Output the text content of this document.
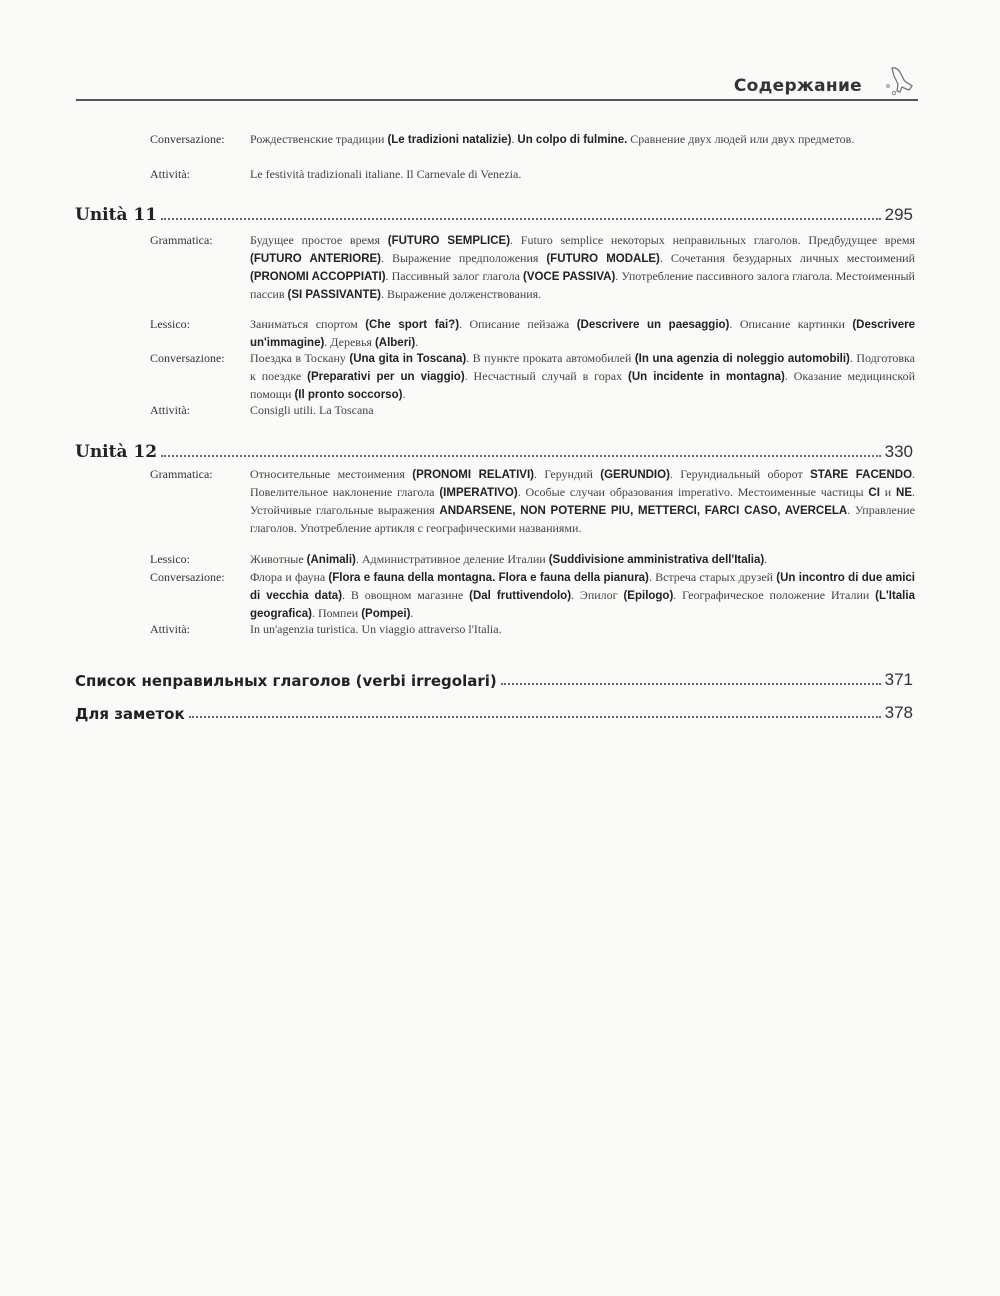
Содержание
Conversazione:	Рождественские традиции (Le tradizioni natalizie). Un colpo di fulmine. Сравнение двух людей или двух предметов.
Attività:	Le festività tradizionali italiane. Il Carnevale di Venezia.
Unità 11	295
Grammatica:	Будущее простое время (FUTURO SEMPLICE). Futuro semplice некоторых неправильных глаголов. Предбудущее время (FUTURO ANTERIORE). Выражение предположения (FUTURO MODALE). Сочетания безударных личных местоимений (PRONOMI ACCOPPIATI). Пассивный залог глагола (VOCE PASSIVA). Употребление пассивного залога глагола. Местоименный пассив (SI PASSIVANTE). Выражение долженствования.
Lessico:	Заниматься спортом (Che sport fai?). Описание пейзажа (Descrivere un paesaggio). Описание картинки (Descrivere un'immagine). Деревья (Alberi).
Conversazione:	Поездка в Тоскану (Una gita in Toscana). В пункте проката автомобилей (In una agenzia di noleggio automobili). Подготовка к поездке (Preparativi per un viaggio). Несчастный случай в горах (Un incidente in montagna). Оказание медицинской помощи (Il pronto soccorso).
Attività:	Consigli utili. La Toscana
Unità 12	330
Grammatica:	Относительные местоимения (PRONOMI RELATIVI). Герундий (GERUNDIO). Герундиальный оборот STARE FACENDO. Повелительное наклонение глагола (IMPERATIVO). Особые случаи образования imperativo. Местоименные частицы CI и NE. Устойчивые глагольные выражения ANDARSENE, NON POTERNE PIU, METTERCI, FARCI CASO, AVERCELA. Управление глаголов. Употребление артикля с географическими названиями.
Lessico:	Животные (Animali). Административное деление Италии (Suddivisione amministrativa dell'Italia).
Conversazione:	Флора и фауна (Flora e fauna della montagna. Flora e fauna della pianura). Встреча старых друзей (Un incontro di due amici di vecchia data). В овощном магазине (Dal fruttivendolo). Эпилог (Epilogo). Географическое положение Италии (L'Italia geografica). Помпеи (Pompei).
Attività:	In un'agenzia turistica. Un viaggio attraverso l'Italia.
Список неправильных глаголов (verbi irregolari)	371
Для заметок	378
